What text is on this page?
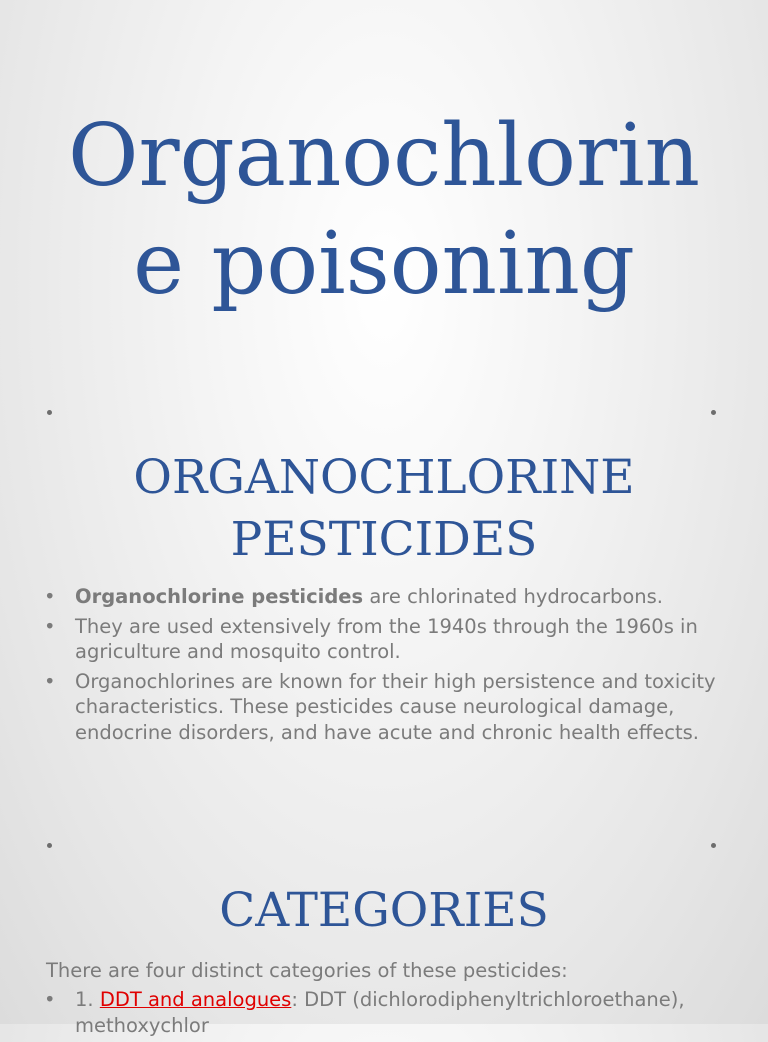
Organochlorin
e poisoning
ORGANOCHLORINE
PESTICIDES
• Organochlorine pesticides are chlorinated hydrocarbons.
• They are used extensively from the 1940s through the 1960s in agriculture and mosquito control.
• Organochlorines are known for their high persistence and toxicity characteristics. These pesticides cause neurological damage, endocrine disorders, and have acute and chronic health effects.
CATEGORIES

There are four distinct categories of these pesticides:

• 1. DDT and analogues: DDT (dichlorodiphenyltrichloroethane), methoxychlor
